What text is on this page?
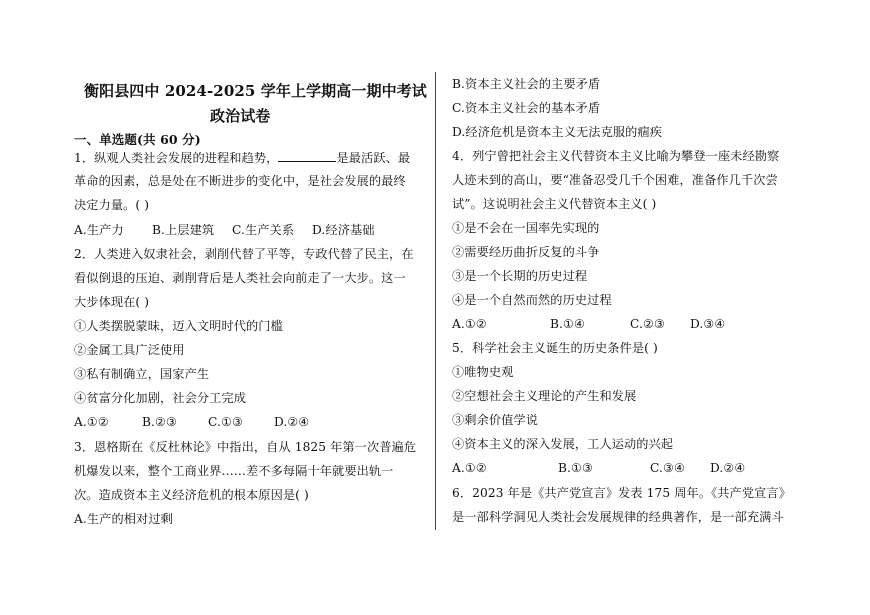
衡阳县四中 2024-2025 学年上学期高一期中考试
政治试卷
一、单选题(共 60 分)
1．纵观人类社会发展的进程和趋势，	是最活跃、最
革命的因素，总是处在不断进步的变化中，是社会发展的最终
决定力量。( )
A.生产力 B.上层建筑 C.生产关系 D.经济基础
2．人类进入奴隶社会，剥削代替了平等，专政代替了民主，在
看似倒退的压迫、剥削背后是人类社会向前走了一大步。这一
大步体现在( )
①人类摆脱蒙昧，迈入文明时代的门槛
②金属工具广泛使用
③私有制确立，国家产生
④贫富分化加剧，社会分工完成
A.①②	B.②③	C.①③	D.②④
3．恩格斯在《反杜林论》中指出，自从 1825 年第一次普遍危
机爆发以来，整个工商业界……差不多每隔十年就要出轨一
次。造成资本主义经济危机的根本原因是( )
A.生产的相对过剩
B.资本主义社会的主要矛盾
C.资本主义社会的基本矛盾
D.经济危机是资本主义无法克服的痼疾
4．列宁曾把社会主义代替资本主义比喻为攀登一座未经勘察
人迹未到的高山，要“准备忍受几千个困难，准备作几千次尝
试”。这说明社会主义代替资本主义( )
①是不会在一国率先实现的
②需要经历曲折反复的斗争
③是一个长期的历史过程
④是一个自然而然的历史过程
A.①②	B.①④	C.②③ D.③④
5．科学社会主义诞生的历史条件是( )
①唯物史观
②空想社会主义理论的产生和发展
③剩余价值学说
④资本主义的深入发展，工人运动的兴起
A.①②	B.①③	C.③④ D.②④
6．2023 年是《共产党宣言》发表 175 周年。《共产党宣言》
是一部科学洞见人类社会发展规律的经典著作，是一部充满斗
